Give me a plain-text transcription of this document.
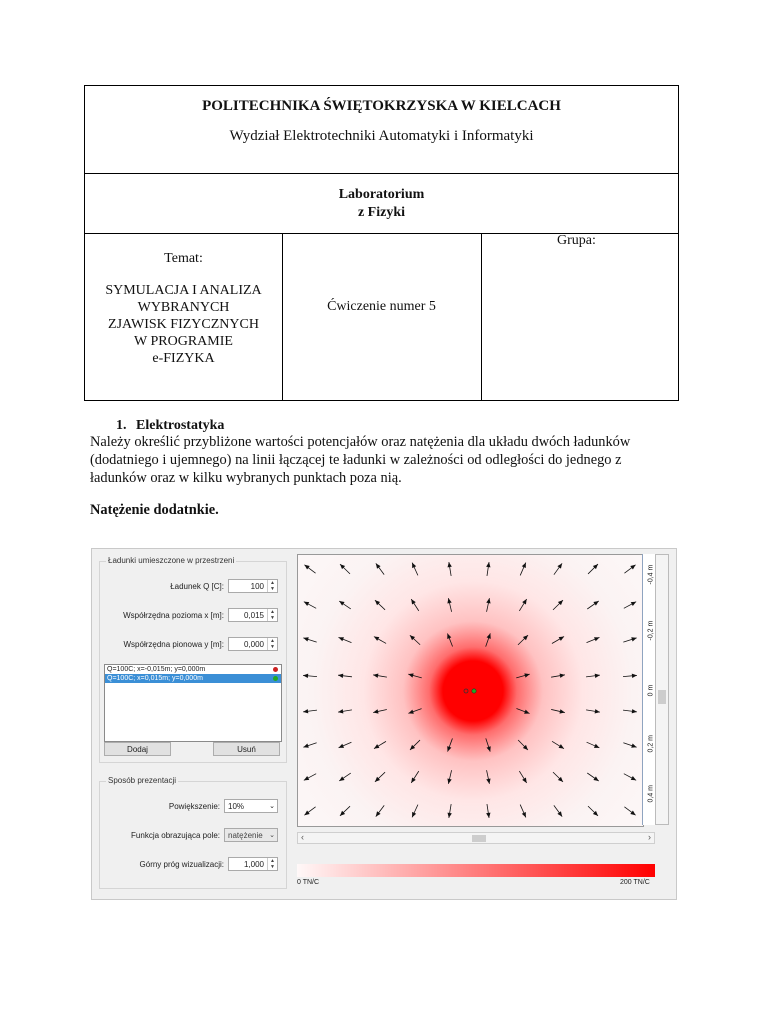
POLITECHNIKA ŚWIĘTOKRZYSKA W KIELCACH
Wydział Elektrotechniki Automatyki i Informatyki
Laboratorium
z Fizyki
Temat:
SYMULACJA I ANALIZA
WYBRANYCH
ZJAWISK FIZYCZNYCH
W PROGRAMIE
e-FIZYKA
Ćwiczenie numer 5
Grupa:
1. Elektrostatyka
Należy określić przybliżone wartości potencjałów oraz natężenia dla układu dwóch ładunków
(dodatniego i ujemnego) na linii łączącej te ładunki w zależności od odległości do jednego z
ładunków oraz w kilku wybranych punktach poza nią.
Natężenie dodatnkie.
Ładunki umieszczone w przestrzeni
Ładunek Q [C]:	100	▲
▼
Współrzędna pozioma x [m]:	0,015	▲
▼
Współrzędna pionowa y [m]:	0,000	▲
▼
Q=100C; x=-0,015m; y=0,000m
Q=100C; x=0,015m; y=0,000m
Dodaj	Usuń
Sposób prezentacji
Powiększenie:	10%	⌄
Funkcja obrazująca pole:	natężenie ⌄
Górny próg wizualizacji:	1,000	▲
▼
-0,4 m
-0,2 m
0 m
0,2 m
0,4 m
‹	›
0 TN/C	200 TN/C
